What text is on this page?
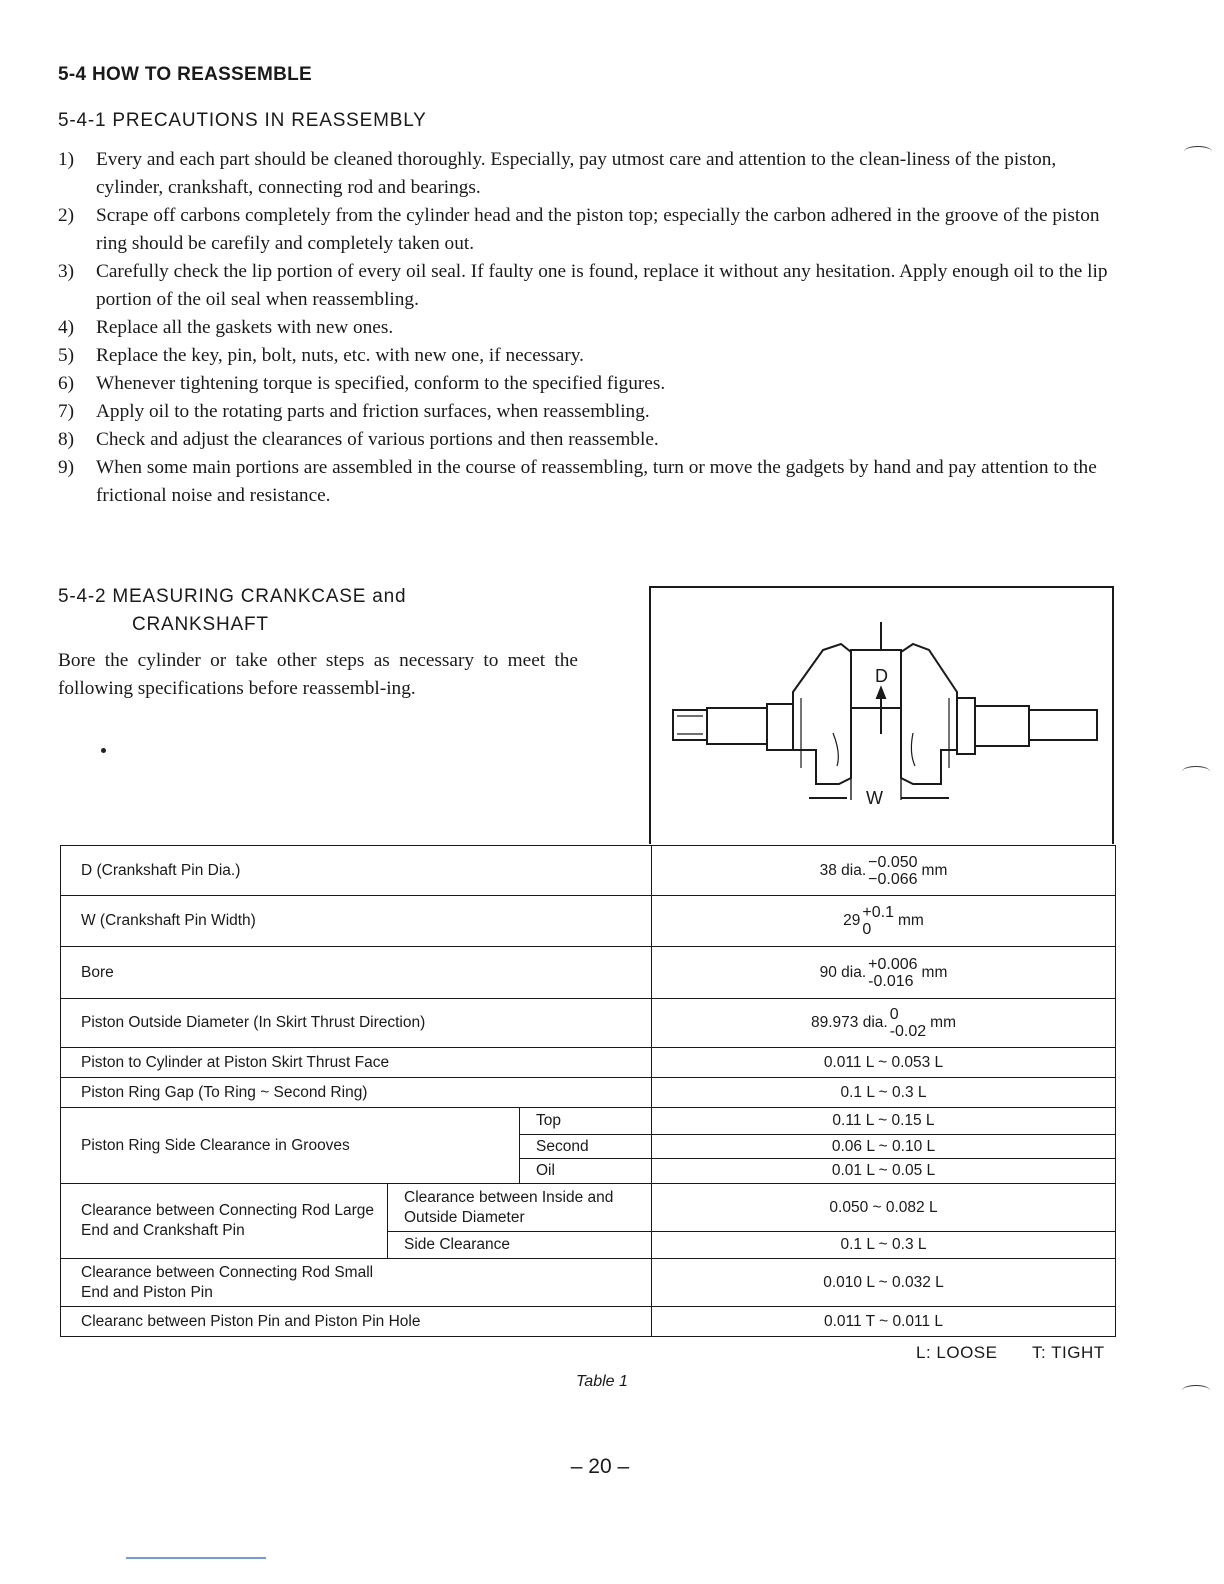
5-4 HOW TO REASSEMBLE
5-4-1 PRECAUTIONS IN REASSEMBLY
1) Every and each part should be cleaned thoroughly. Especially, pay utmost care and attention to the clean-liness of the piston, cylinder, crankshaft, connecting rod and bearings.
2) Scrape off carbons completely from the cylinder head and the piston top; especially the carbon adhered in the groove of the piston ring should be carefily and completely taken out.
3) Carefully check the lip portion of every oil seal. If faulty one is found, replace it without any hesitation. Apply enough oil to the lip portion of the oil seal when reassembling.
4) Replace all the gaskets with new ones.
5) Replace the key, pin, bolt, nuts, etc. with new one, if necessary.
6) Whenever tightening torque is specified, conform to the specified figures.
7) Apply oil to the rotating parts and friction surfaces, when reassembling.
8) Check and adjust the clearances of various portions and then reassemble.
9) When some main portions are assembled in the course of reassembling, turn or move the gadgets by hand and pay attention to the frictional noise and resistance.
5-4-2 MEASURING CRANKCASE and
CRANKSHAFT
Bore the cylinder or take other steps as necessary to meet the following specifications before reassembl-ing.
D
W
D (Crankshaft Pin Dia.)			38 dia. −0.050
−0.066
mm

W (Crankshaft Pin Width)			29 +0.1
0
mm

Bore			90 dia. +0.006
-0.016
mm

Piston Outside Diameter (In Skirt Thrust Direction)			89.973 dia. 0
-0.02
mm

Piston to Cylinder at Piston Skirt Thrust Face			0.011 L ~ 0.053 L
Piston Ring Gap (To Ring ~ Second Ring)			0.1 L ~ 0.3 L
Piston Ring Side Clearance in Grooves		Top	0.11 L ~ 0.15 L
		Second	0.06 L ~ 0.10 L
		Oil	0.01 L ~ 0.05 L
Clearance between Connecting Rod Large End and Crankshaft Pin	Clearance between Inside and Outside Diameter		0.050 ~ 0.082 L
	Side Clearance		0.1 L ~ 0.3 L
Clearance between Connecting Rod Small End and Piston Pin			0.010 L ~ 0.032 L
Clearanc between Piston Pin and Piston Pin Hole			0.011 T ~ 0.011 L
L: LOOSE T: TIGHT
Table 1
– 20 –
